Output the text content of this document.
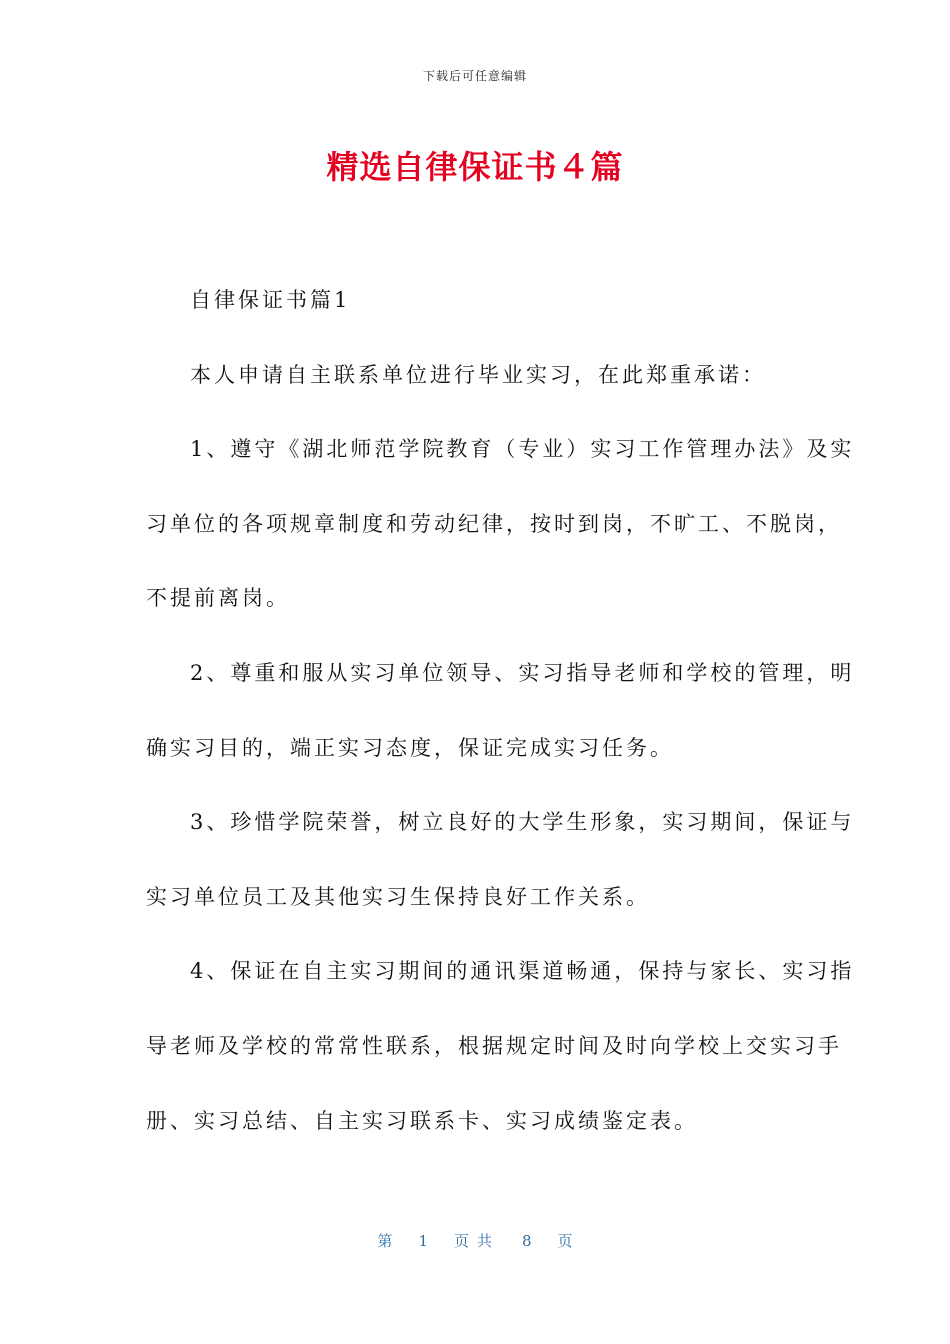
下载后可任意编辑
精选自律保证书４篇
自律保证书篇1
本人申请自主联系单位进行毕业实习，在此郑重承诺：
1、遵守《湖北师范学院教育（专业）实习工作管理办法》及实
习单位的各项规章制度和劳动纪律，按时到岗，不旷工、不脱岗，
不提前离岗。
2、尊重和服从实习单位领导、实习指导老师和学校的管理，明
确实习目的，端正实习态度，保证完成实习任务。
3、珍惜学院荣誉，树立良好的大学生形象，实习期间，保证与
实习单位员工及其他实习生保持良好工作关系。
4、保证在自主实习期间的通讯渠道畅通，保持与家长、实习指
导老师及学校的常常性联系，根据规定时间及时向学校上交实习手
册、实习总结、自主实习联系卡、实习成绩鉴定表。
第 1 页共 8 页
